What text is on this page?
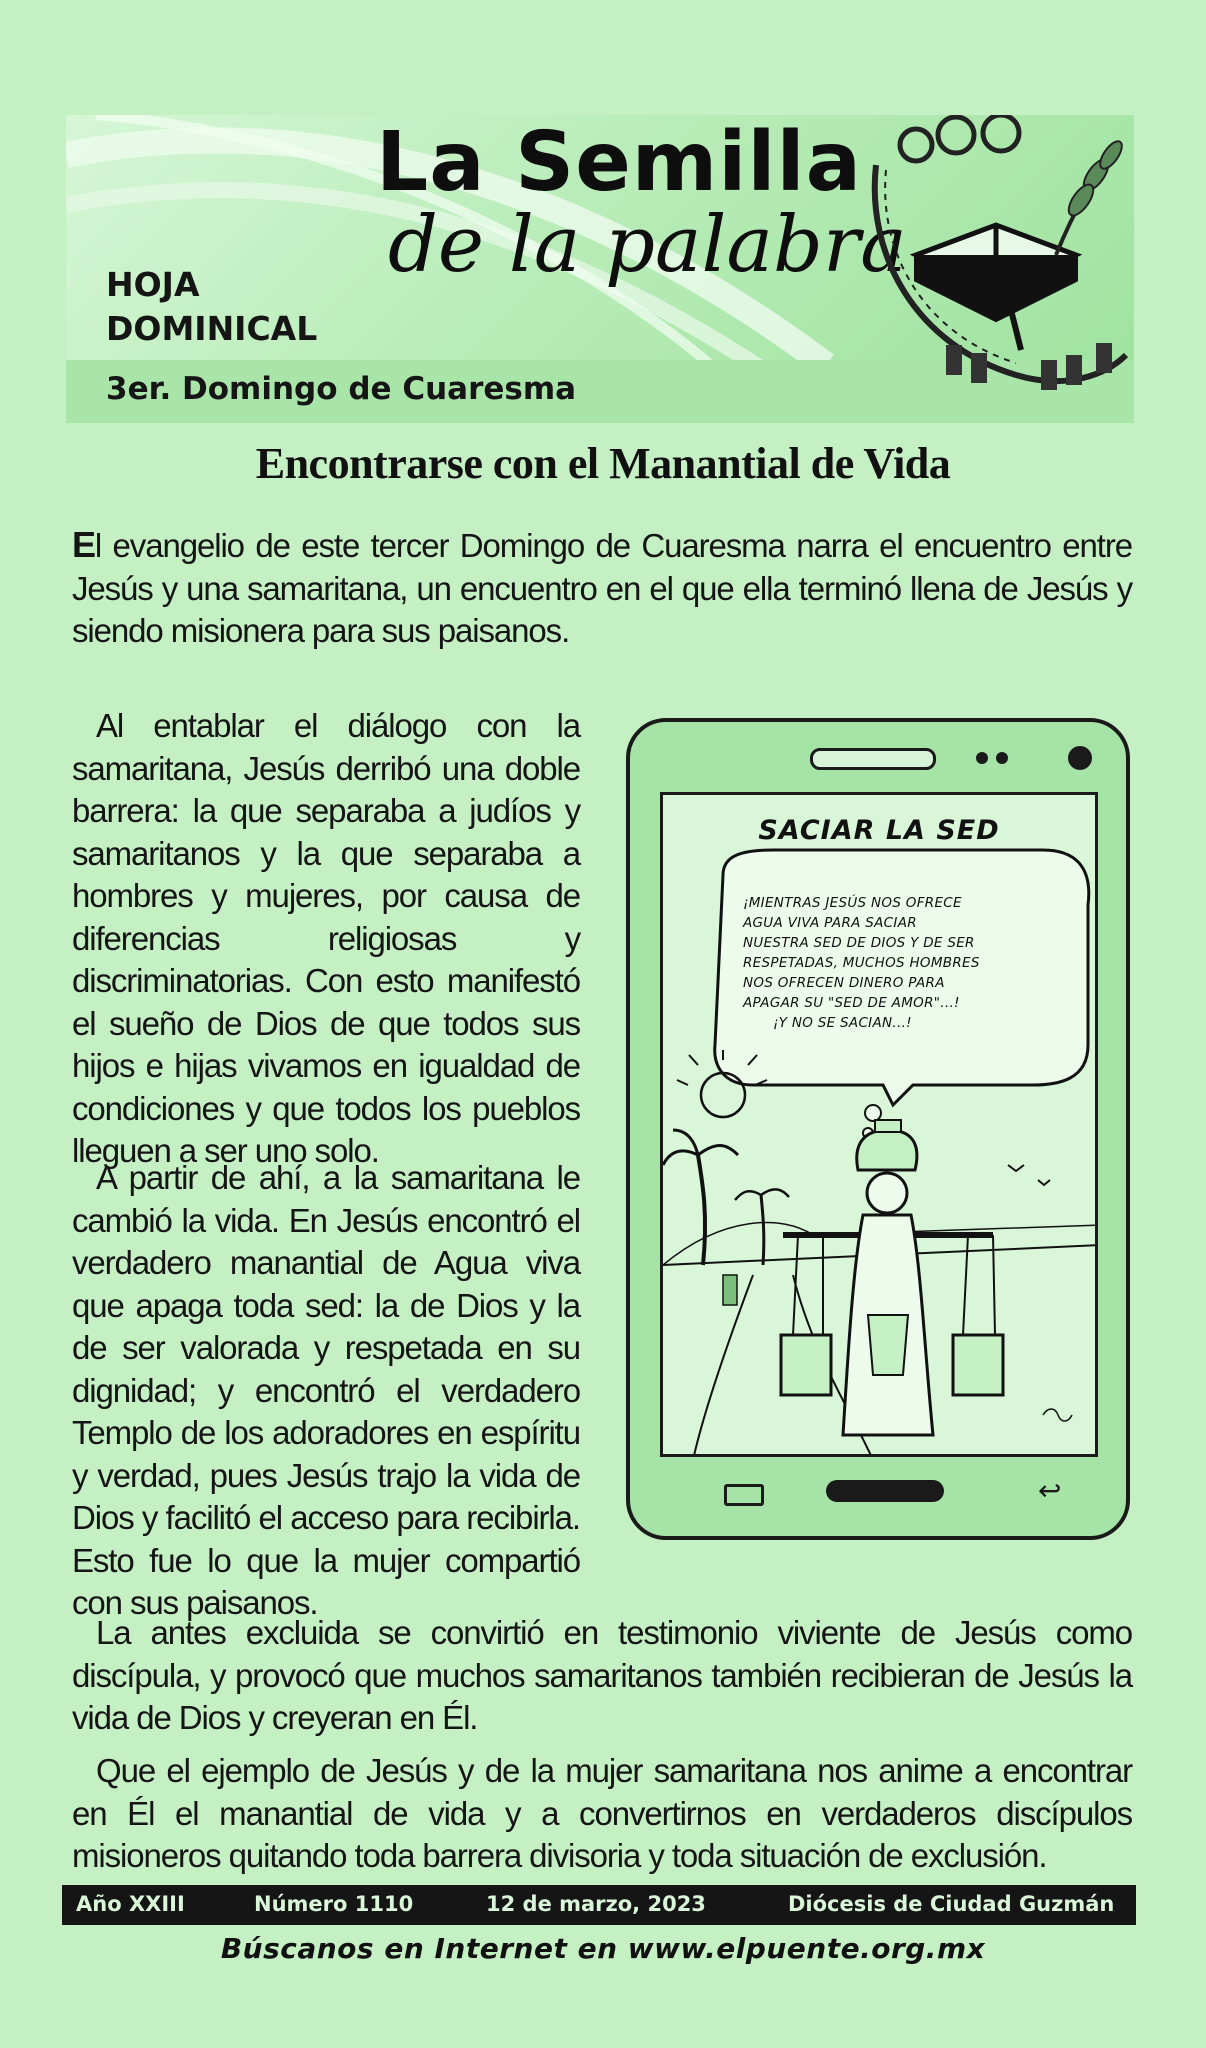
La Semilla
de la palabra
HOJA
DOMINICAL
3er. Domingo de Cuaresma
Encontrarse con el Manantial de Vida

El evangelio de este tercer Domingo de Cuaresma narra el encuentro entre Jesús y una samaritana, un encuentro en el que ella terminó llena de Jesús y siendo misionera para sus paisanos.

Al entablar el diálogo con la samaritana, Jesús derribó una doble barrera: la que separaba a judíos y samaritanos y la que separaba a hombres y mujeres, por causa de diferencias religiosas y discriminatorias. Con esto manifestó el sueño de Dios de que todos sus hijos e hijas vivamos en igualdad de condiciones y que todos los pueblos lleguen a ser uno solo.

A partir de ahí, a la samaritana le cambió la vida. En Jesús encontró el verdadero manantial de Agua viva que apaga toda sed: la de Dios y la de ser valorada y respetada en su dignidad; y encontró el verdadero Templo de los adoradores en espíritu y verdad, pues Jesús trajo la vida de Dios y facilitó el acceso para recibirla. Esto fue lo que la mujer compartió con sus paisanos.

La antes excluida se convirtió en testimonio viviente de Jesús como discípula, y provocó que muchos samaritanos también recibieran de Jesús la vida de Dios y creyeran en Él.

Que el ejemplo de Jesús y de la mujer samaritana nos anime a encontrar en Él el manantial de vida y a convertirnos en verdaderos discípulos misioneros quitando toda barrera divisoria y toda situación de exclusión.

SACIAR LA SED
¡MIENTRAS JESÚS NOS OFRECE
AGUA VIVA PARA SACIAR
NUESTRA SED DE DIOS Y DE SER
RESPETADAS, MUCHOS HOMBRES
NOS OFRECEN DINERO PARA
APAGAR SU "SED DE AMOR"...!
¡Y NO SE SACIAN...!
↩
Año XXIII	Número 1110	12 de marzo, 2023	Diócesis de Ciudad Guzmán
Búscanos en Internet en www.elpuente.org.mx
